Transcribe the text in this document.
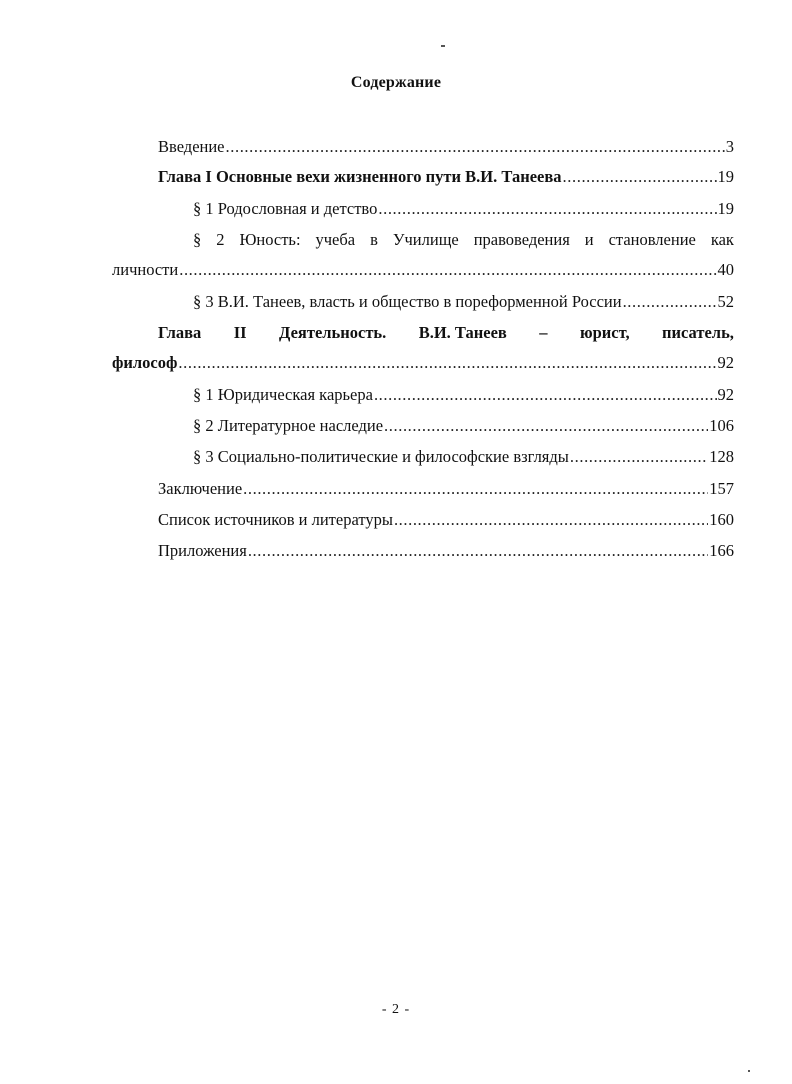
Содержание
Введение .....	3
Глава I Основные вехи жизненного пути В.И. Танеева .....	19
§ 1 Родословная и детство .....	19
§ 2 Юность: учеба в Училище правоведения и становление как
личности .....	40
§ 3 В.И. Танеев, власть и общество в пореформенной России .....	52
Глава II Деятельность. В.И. Танеев – юрист, писатель,
философ .....	92
§ 1 Юридическая карьера .....	92
§ 2 Литературное наследие .....	106
§ 3 Социально-политические и философские взгляды .....	128
Заключение .....	157
Список источников и литературы .....	160
Приложения .....	166
- 2 -
